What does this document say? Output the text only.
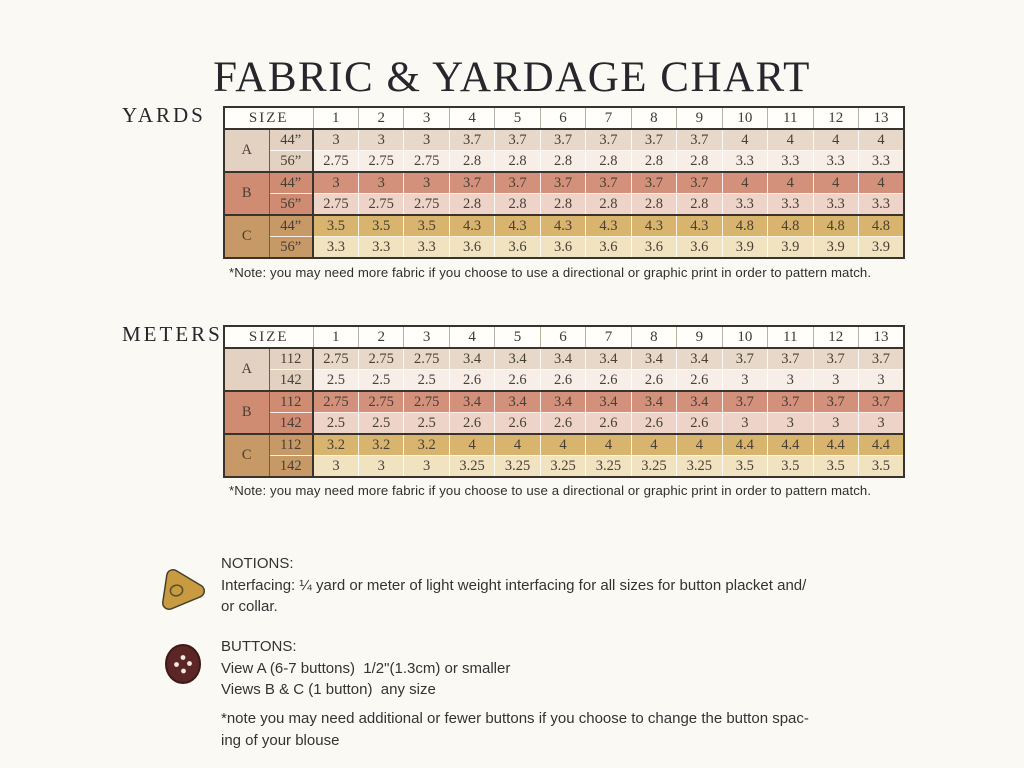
FABRIC & YARDAGE CHART
YARDS	SIZE		1	2	3	4	5	6	7	8	9	10	11	12	13
A	44”	3	3	3	3.7	3.7	3.7	3.7	3.7	3.7	4	4	4	4
	56”	2.75	2.75	2.75	2.8	2.8	2.8	2.8	2.8	2.8	3.3	3.3	3.3	3.3
B	44”	3	3	3	3.7	3.7	3.7	3.7	3.7	3.7	4	4	4	4
	56”	2.75	2.75	2.75	2.8	2.8	2.8	2.8	2.8	2.8	3.3	3.3	3.3	3.3
C	44”	3.5	3.5	3.5	4.3	4.3	4.3	4.3	4.3	4.3	4.8	4.8	4.8	4.8
	56”	3.3	3.3	3.3	3.6	3.6	3.6	3.6	3.6	3.6	3.9	3.9	3.9	3.9
*Note: you may need more fabric if you choose to use a directional or graphic print in order to pattern match.
METERS SIZE		1	2	3	4	5	6	7	8	9	10	11	12	13
A	112	2.75	2.75	2.75	3.4	3.4	3.4	3.4	3.4	3.4	3.7	3.7	3.7	3.7
	142	2.5	2.5	2.5	2.6	2.6	2.6	2.6	2.6	2.6	3	3	3	3
B	112	2.75	2.75	2.75	3.4	3.4	3.4	3.4	3.4	3.4	3.7	3.7	3.7	3.7
	142	2.5	2.5	2.5	2.6	2.6	2.6	2.6	2.6	2.6	3	3	3	3
C	112	3.2	3.2	3.2	4	4	4	4	4	4	4.4	4.4	4.4	4.4
	142	3	3	3	3.25	3.25	3.25	3.25	3.25	3.25	3.5	3.5	3.5	3.5
*Note: you may need more fabric if you choose to use a directional or graphic print in order to pattern match.
NOTIONS:
Interfacing: ¼ yard or meter of light weight interfacing for all sizes for button placket and/
or collar.
BUTTONS:
View A (6-7 buttons)  1/2"(1.3cm) or smaller
Views B & C (1 button)  any size
*note you may need additional or fewer buttons if you choose to change the button spac-
ing of your blouse
